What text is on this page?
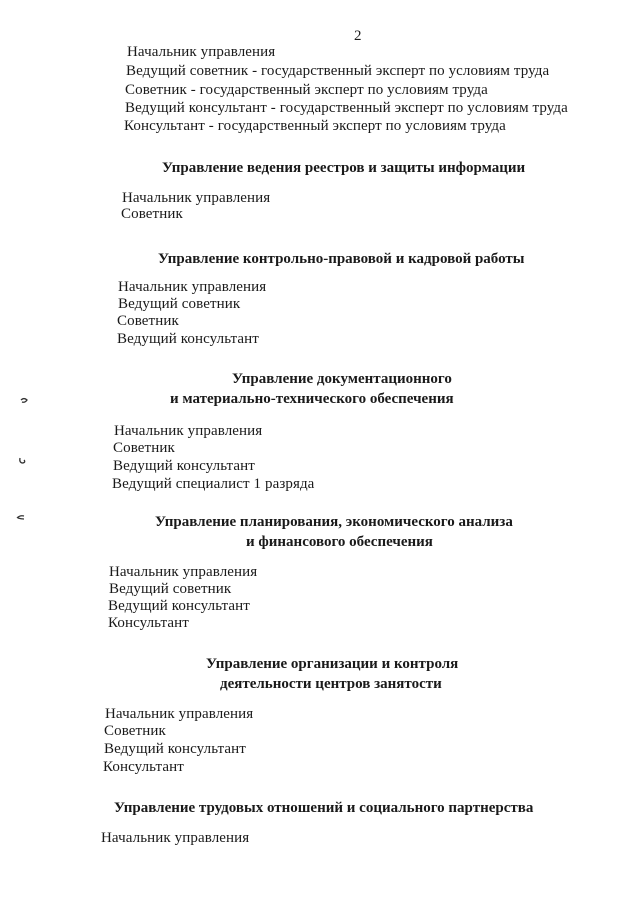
2
Начальник управления
Ведущий советник - государственный эксперт по условиям труда
Советник - государственный эксперт по условиям труда
Ведущий консультант - государственный эксперт по условиям труда
Консультант - государственный эксперт по условиям труда
Управление ведения реестров и защиты информации
Начальник управления
Советник
Управление контрольно-правовой и кадровой работы
Начальник управления
Ведущий советник
Советник
Ведущий консультант
Управление документационного
и материально-технического обеспечения
Начальник управления
Советник
Ведущий консультант
Ведущий специалист 1 разряда
Управление планирования, экономического анализа
и финансового обеспечения
Начальник управления
Ведущий советник
Ведущий консультант
Консультант
Управление организации и контроля
деятельности центров занятости
Начальник управления
Советник
Ведущий консультант
Консультант
Управление трудовых отношений и социального партнерства
Начальник управления
